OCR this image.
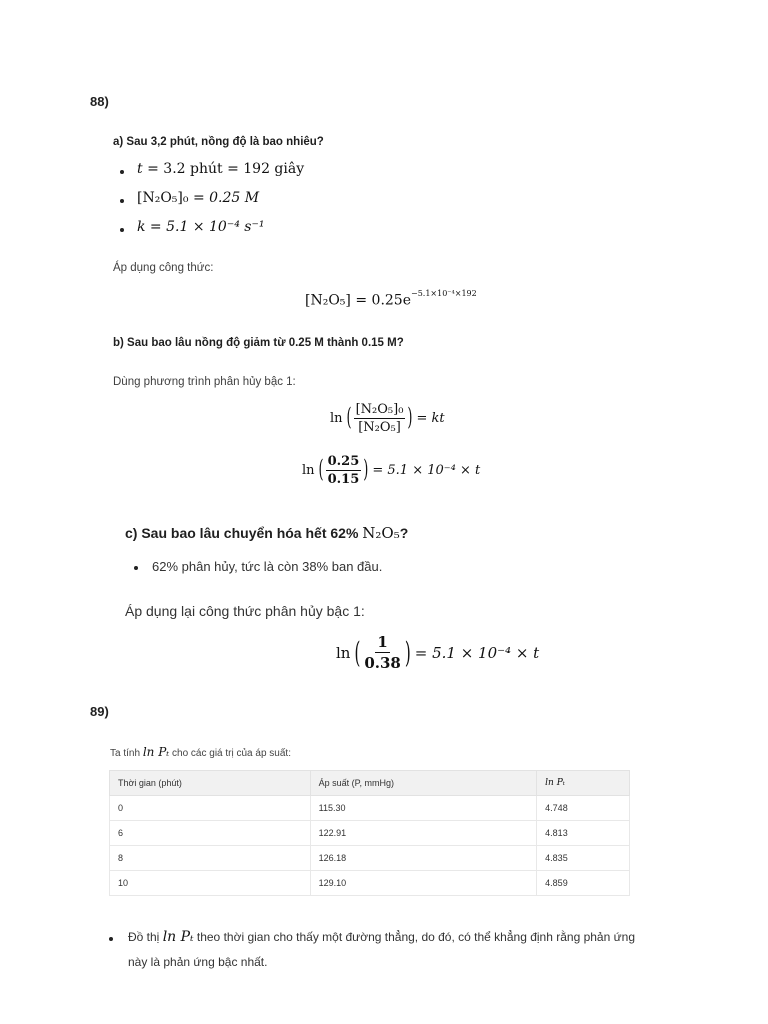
88)
a) Sau 3,2 phút, nồng độ là bao nhiêu?
t = 3.2 phút = 192 giây
[N₂O₅]₀ = 0.25 M
k = 5.1 × 10⁻⁴ s⁻¹
Áp dụng công thức:
$[N_2O_5] = 0.25e^{-5.1\times 10^{-4}\times 192}$
b) Sau bao lâu nồng độ giảm từ 0.25 M thành 0.15 M?
Dùng phương trình phân hủy bậc 1:
ln ( $\frac{\text{[N₂O₅]₀}}{\text{[N₂O₅]}}$ ) = kt
ln ( $\frac{0.25}{0.15}$ ) = 5.1 × 10⁻⁴ × t
c) Sau bao lâu chuyển hóa hết 62% N₂O₅?
62% phân hủy, tức là còn 38% ban đầu.
Áp dụng lại công thức phân hủy bậc 1:
ln ( $\frac{1}{0.38}$ ) = 5.1 × 10⁻⁴ × t
89)
Ta tính ln Pₜ cho các giá trị của áp suất:
Thời gian (phút)	Áp suất (P, mmHg)	ln Pₜ
0	115.30	4.748
6	122.91	4.813
8	126.18	4.835
10	129.10	4.859
Đồ thị ln Pₜ theo thời gian cho thấy một đường thẳng, do đó, có thể khẳng định rằng phản ứng
này là phản ứng bậc nhất.
